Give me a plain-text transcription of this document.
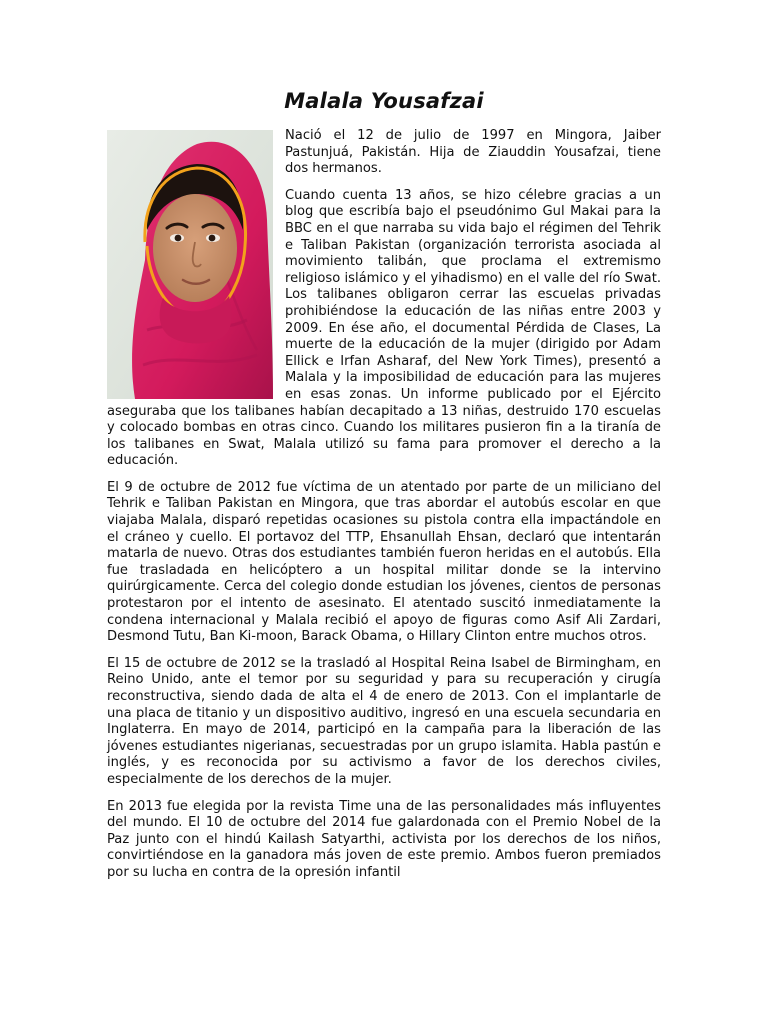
Malala Yousafzai

Nació el 12 de julio de 1997 en Mingora, Jaiber Pastunjuá, Pakistán. Hija de Ziauddin Yousafzai, tiene dos hermanos.

Cuando cuenta 13 años, se hizo célebre gracias a un blog que escribía bajo el pseudónimo Gul Makai para la BBC en el que narraba su vida bajo el régimen del Tehrik e Taliban Pakistan (organización terrorista asociada al movimiento talibán, que proclama el extremismo religioso islámico y el yihadismo) en el valle del río Swat. Los talibanes obligaron cerrar las escuelas privadas prohibiéndose la educación de las niñas entre 2003 y 2009. En ése año, el documental Pérdida de Clases, La muerte de la educación de la mujer (dirigido por Adam Ellick e Irfan Asharaf, del New York Times), presentó a Malala y la imposibilidad de educación para las mujeres en esas zonas. Un informe publicado por el Ejército aseguraba que los talibanes habían decapitado a 13 niñas, destruido 170 escuelas y colocado bombas en otras cinco. Cuando los militares pusieron fin a la tiranía de los talibanes en Swat, Malala utilizó su fama para promover el derecho a la educación.

El 9 de octubre de 2012 fue víctima de un atentado por parte de un miliciano del Tehrik e Taliban Pakistan en Mingora, que tras abordar el autobús escolar en que viajaba Malala, disparó repetidas ocasiones su pistola contra ella impactándole en el cráneo y cuello. El portavoz del TTP, Ehsanullah Ehsan, declaró que intentarán matarla de nuevo. Otras dos estudiantes también fueron heridas en el autobús. Ella fue trasladada en helicóptero a un hospital militar donde se la intervino quirúrgicamente. Cerca del colegio donde estudian los jóvenes, cientos de personas protestaron por el intento de asesinato. El atentado suscitó inmediatamente la condena internacional y Malala recibió el apoyo de figuras como Asif Ali Zardari, Desmond Tutu, Ban Ki-moon, Barack Obama, o Hillary Clinton entre muchos otros.

El 15 de octubre de 2012 se la trasladó al Hospital Reina Isabel de Birmingham, en Reino Unido, ante el temor por su seguridad y para su recuperación y cirugía reconstructiva, siendo dada de alta el 4 de enero de 2013. Con el implantarle de una placa de titanio y un dispositivo auditivo, ingresó en una escuela secundaria en Inglaterra. En mayo de 2014, participó en la campaña para la liberación de las jóvenes estudiantes nigerianas, secuestradas por un grupo islamita. Habla pastún e inglés, y es reconocida por su activismo a favor de los derechos civiles, especialmente de los derechos de la mujer.

En 2013 fue elegida por la revista Time una de las personalidades más influyentes del mundo. El 10 de octubre del 2014 fue galardonada con el Premio Nobel de la Paz junto con el hindú Kailash Satyarthi, activista por los derechos de los niños, convirtiéndose en la ganadora más joven de este premio. Ambos fueron premiados por su lucha en contra de la opresión infantil
